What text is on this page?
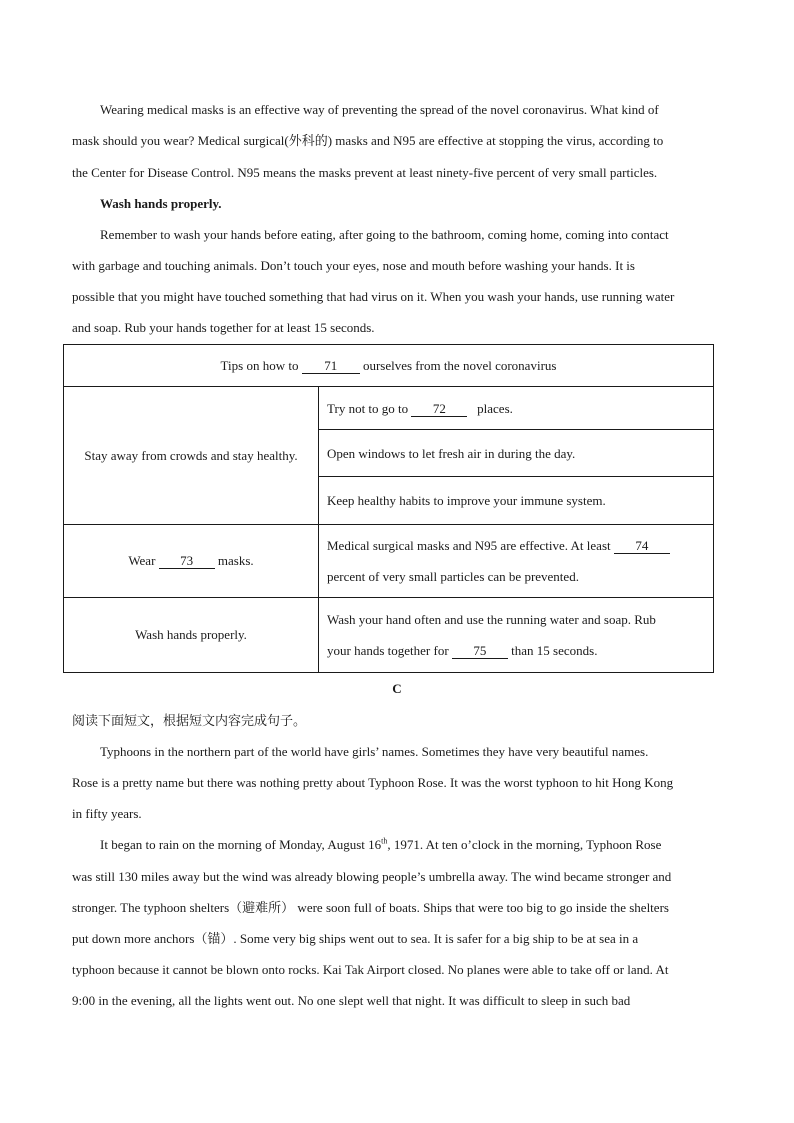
Wearing medical masks is an effective way of preventing the spread of the novel coronavirus. What kind of
mask should you wear? Medical surgical(外科的) masks and N95 are effective at stopping the virus, according to
the Center for Disease Control. N95 means the masks prevent at least ninety-five percent of very small particles.
Wash hands properly.
Remember to wash your hands before eating, after going to the bathroom, coming home, coming into contact
with garbage and touching animals. Don’t touch your eyes, nose and mouth before washing your hands. It is
possible that you might have touched something that had virus on it. When you wash your hands, use running water
and soap. Rub your hands together for at least 15 seconds.
Tips on how to 71 ourselves from the novel coronavirus	
Stay away from crowds and stay healthy.	Try not to go to 72   places.
	Open windows to let fresh air in during the day.
	Keep healthy habits to improve your immune system.
Wear 73 masks.	Medical surgical masks and N95 are effective. At least 74
percent of very small particles can be prevented.

Wash hands properly.	Wash your hand often and use the running water and soap. Rub
your hands together for 75 than 15 seconds.
C
阅读下面短文，根据短文内容完成句子。
Typhoons in the northern part of the world have girls’ names. Sometimes they have very beautiful names.
Rose is a pretty name but there was nothing pretty about Typhoon Rose. It was the worst typhoon to hit Hong Kong
in fifty years.
It began to rain on the morning of Monday, August 16th, 1971. At ten o’clock in the morning, Typhoon Rose
was still 130 miles away but the wind was already blowing people’s umbrella away. The wind became stronger and
stronger. The typhoon shelters（避难所） were soon full of boats. Ships that were too big to go inside the shelters
put down more anchors（锚）. Some very big ships went out to sea. It is safer for a big ship to be at sea in a
typhoon because it cannot be blown onto rocks. Kai Tak Airport closed. No planes were able to take off or land. At
9:00 in the evening, all the lights went out. No one slept well that night. It was difficult to sleep in such bad
